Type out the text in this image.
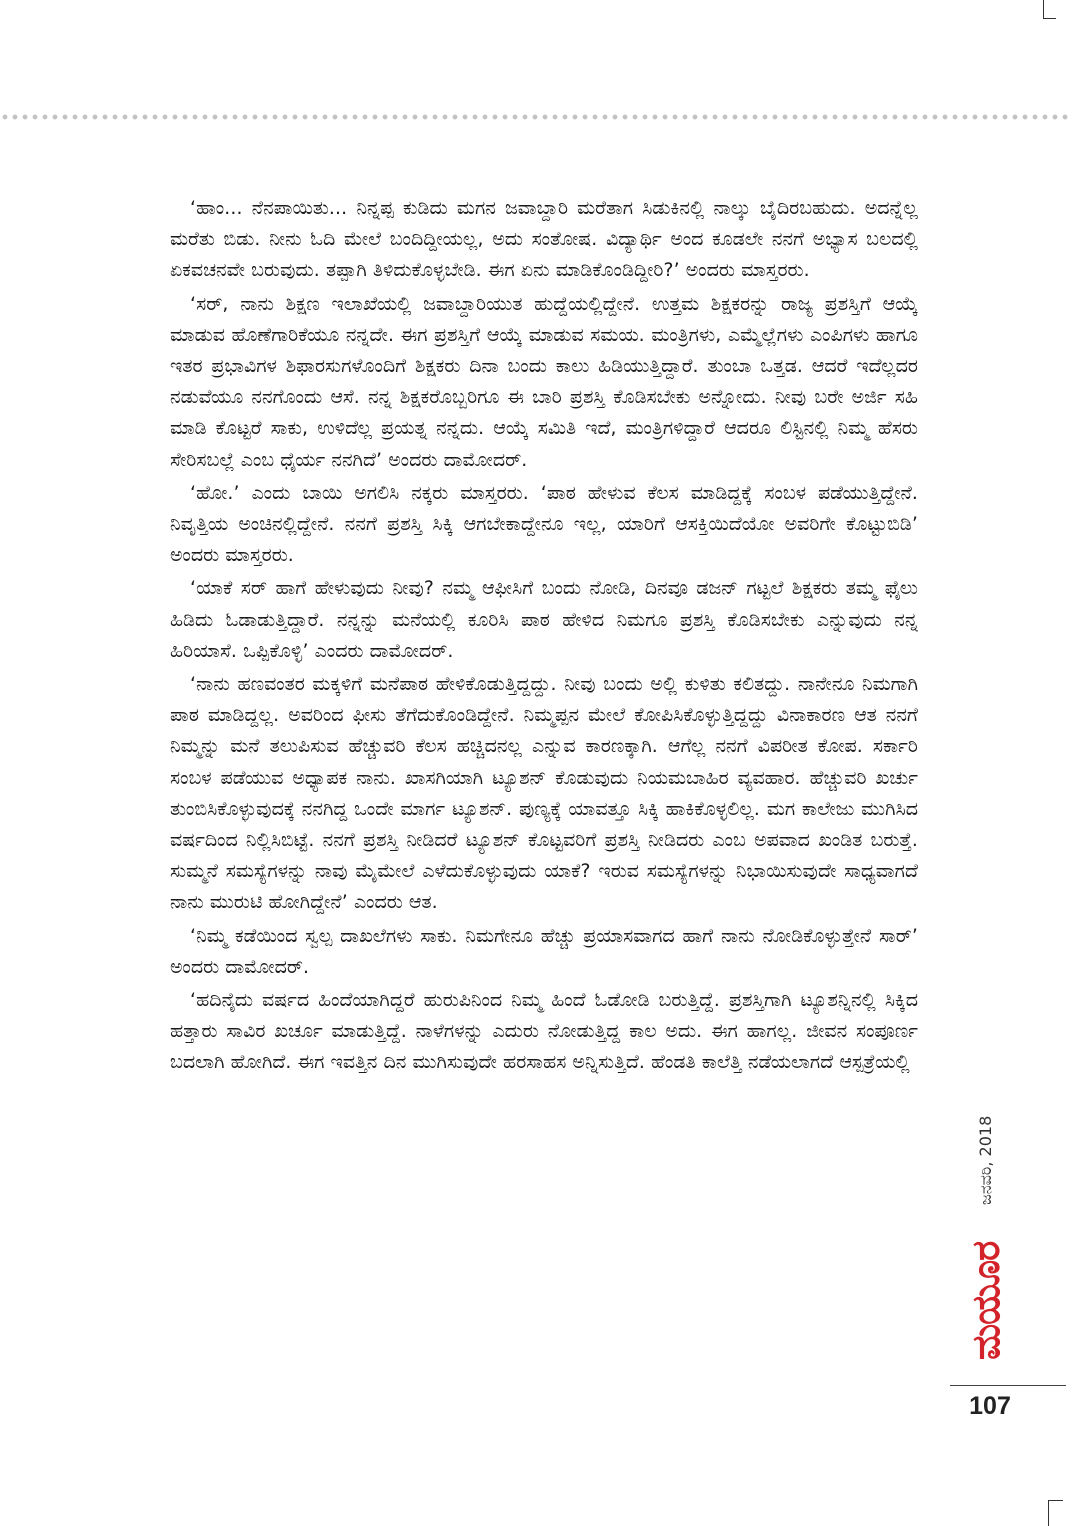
‘ಹಾಂ... ನೆನಪಾಯಿತು... ನಿನ್ನಪ್ಪ ಕುಡಿದು ಮಗನ ಜವಾಬ್ದಾರಿ ಮರೆತಾಗ ಸಿಡುಕಿನಲ್ಲಿ ನಾಲ್ಕು ಬೈದಿರಬಹುದು. ಅದನ್ನೆಲ್ಲ ಮರೆತು ಬಿಡು. ನೀನು ಓದಿ ಮೇಲೆ ಬಂದಿದ್ದೀಯಲ್ಲ, ಅದು ಸಂತೋಷ. ವಿದ್ಯಾರ್ಥಿ ಅಂದ ಕೂಡಲೇ ನನಗೆ ಅಭ್ಯಾಸ ಬಲದಲ್ಲಿ ಏಕವಚನವೇ ಬರುವುದು. ತಪ್ಪಾಗಿ ತಿಳಿದುಕೊಳ್ಳಬೇಡಿ. ಈಗ ಏನು ಮಾಡಿಕೊಂಡಿದ್ದೀರಿ?’ ಅಂದರು ಮಾಸ್ತರರು.

‘ಸರ್, ನಾನು ಶಿಕ್ಷಣ ಇಲಾಖೆಯಲ್ಲಿ ಜವಾಬ್ದಾರಿಯುತ ಹುದ್ದೆಯಲ್ಲಿದ್ದೇನೆ. ಉತ್ತಮ ಶಿಕ್ಷಕರನ್ನು ರಾಜ್ಯ ಪ್ರಶಸ್ತಿಗೆ ಆಯ್ಕೆ ಮಾಡುವ ಹೊಣೆಗಾರಿಕೆಯೂ ನನ್ನದೇ. ಈಗ ಪ್ರಶಸ್ತಿಗೆ ಆಯ್ಕೆ ಮಾಡುವ ಸಮಯ. ಮಂತ್ರಿಗಳು, ಎಮ್ಮೆಲ್ಲೆಗಳು ಎಂಪಿಗಳು ಹಾಗೂ ಇತರ ಪ್ರಭಾವಿಗಳ ಶಿಫಾರಸುಗಳೊಂದಿಗೆ ಶಿಕ್ಷಕರು ದಿನಾ ಬಂದು ಕಾಲು ಹಿಡಿಯುತ್ತಿದ್ದಾರೆ. ತುಂಬಾ ಒತ್ತಡ. ಆದರೆ ಇದೆಲ್ಲದರ ನಡುವೆಯೂ ನನಗೊಂದು ಆಸೆ. ನನ್ನ ಶಿಕ್ಷಕರೊಬ್ಬರಿಗೂ ಈ ಬಾರಿ ಪ್ರಶಸ್ತಿ ಕೊಡಿಸಬೇಕು ಅನ್ನೋದು. ನೀವು ಬರೇ ಅರ್ಜಿ ಸಹಿ ಮಾಡಿ ಕೊಟ್ಟರೆ ಸಾಕು, ಉಳಿದೆಲ್ಲ ಪ್ರಯತ್ನ ನನ್ನದು. ಆಯ್ಕೆ ಸಮಿತಿ ಇದೆ, ಮಂತ್ರಿಗಳಿದ್ದಾರೆ ಆದರೂ ಲಿಸ್ಟಿನಲ್ಲಿ ನಿಮ್ಮ ಹೆಸರು ಸೇರಿಸಬಲ್ಲೆ ಎಂಬ ಧೈರ್ಯ ನನಗಿದೆ’ ಅಂದರು ದಾಮೋದರ್.

‘ಹೋ.’ ಎಂದು ಬಾಯಿ ಅಗಲಿಸಿ ನಕ್ಕರು ಮಾಸ್ತರರು. ‘ಪಾಠ ಹೇಳುವ ಕೆಲಸ ಮಾಡಿದ್ದಕ್ಕೆ ಸಂಬಳ ಪಡೆಯುತ್ತಿದ್ದೇನೆ. ನಿವೃತ್ತಿಯ ಅಂಚಿನಲ್ಲಿದ್ದೇನೆ. ನನಗೆ ಪ್ರಶಸ್ತಿ ಸಿಕ್ಕಿ ಆಗಬೇಕಾದ್ದೇನೂ ಇಲ್ಲ, ಯಾರಿಗೆ ಆಸಕ್ತಿಯಿದೆಯೋ ಅವರಿಗೇ ಕೊಟ್ಟುಬಿಡಿ’ ಅಂದರು ಮಾಸ್ತರರು.

‘ಯಾಕೆ ಸರ್ ಹಾಗೆ ಹೇಳುವುದು ನೀವು? ನಮ್ಮ ಆಫೀಸಿಗೆ ಬಂದು ನೋಡಿ, ದಿನವೂ ಡಜನ್ ಗಟ್ಟಲೆ ಶಿಕ್ಷಕರು ತಮ್ಮ ಫೈಲು ಹಿಡಿದು ಓಡಾಡುತ್ತಿದ್ದಾರೆ. ನನ್ನನ್ನು ಮನೆಯಲ್ಲಿ ಕೂರಿಸಿ ಪಾಠ ಹೇಳಿದ ನಿಮಗೂ ಪ್ರಶಸ್ತಿ ಕೊಡಿಸಬೇಕು ಎನ್ನುವುದು ನನ್ನ ಹಿರಿಯಾಸೆ. ಒಪ್ಪಿಕೊಳ್ಳಿ’ ಎಂದರು ದಾಮೋದರ್.

‘ನಾನು ಹಣವಂತರ ಮಕ್ಕಳಿಗೆ ಮನೆಪಾಠ ಹೇಳಿಕೊಡುತ್ತಿದ್ದದ್ದು. ನೀವು ಬಂದು ಅಲ್ಲಿ ಕುಳಿತು ಕಲಿತದ್ದು. ನಾನೇನೂ ನಿಮಗಾಗಿ ಪಾಠ ಮಾಡಿದ್ದಲ್ಲ. ಅವರಿಂದ ಫೀಸು ತೆಗೆದುಕೊಂಡಿದ್ದೇನೆ. ನಿಮ್ಮಪ್ಪನ ಮೇಲೆ ಕೋಪಿಸಿಕೊಳ್ಳುತ್ತಿದ್ದದ್ದು ವಿನಾಕಾರಣ ಆತ ನನಗೆ ನಿಮ್ಮನ್ನು ಮನೆ ತಲುಪಿಸುವ ಹೆಚ್ಚುವರಿ ಕೆಲಸ ಹಚ್ಚಿದನಲ್ಲ ಎನ್ನುವ ಕಾರಣಕ್ಕಾಗಿ. ಆಗೆಲ್ಲ ನನಗೆ ವಿಪರೀತ ಕೋಪ. ಸರ್ಕಾರಿ ಸಂಬಳ ಪಡೆಯುವ ಅಧ್ಯಾಪಕ ನಾನು. ಖಾಸಗಿಯಾಗಿ ಟ್ಯೂಶನ್ ಕೊಡುವುದು ನಿಯಮಬಾಹಿರ ವ್ಯವಹಾರ. ಹೆಚ್ಚುವರಿ ಖರ್ಚು ತುಂಬಿಸಿಕೊಳ್ಳುವುದಕ್ಕೆ ನನಗಿದ್ದ ಒಂದೇ ಮಾರ್ಗ ಟ್ಯೂಶನ್. ಪುಣ್ಯಕ್ಕೆ ಯಾವತ್ತೂ ಸಿಕ್ಕಿ ಹಾಕಿಕೊಳ್ಳಲಿಲ್ಲ. ಮಗ ಕಾಲೇಜು ಮುಗಿಸಿದ ವರ್ಷದಿಂದ ನಿಲ್ಲಿಸಿಬಿಟ್ಟೆ. ನನಗೆ ಪ್ರಶಸ್ತಿ ನೀಡಿದರೆ ಟ್ಯೂಶನ್ ಕೊಟ್ಟವರಿಗೆ ಪ್ರಶಸ್ತಿ ನೀಡಿದರು ಎಂಬ ಅಪವಾದ ಖಂಡಿತ ಬರುತ್ತೆ. ಸುಮ್ಮನೆ ಸಮಸ್ಯೆಗಳನ್ನು ನಾವು ಮೈಮೇಲೆ ಎಳೆದುಕೊಳ್ಳುವುದು ಯಾಕೆ? ಇರುವ ಸಮಸ್ಯೆಗಳನ್ನು ನಿಭಾಯಿಸುವುದೇ ಸಾಧ್ಯವಾಗದೆ ನಾನು ಮುರುಟಿ ಹೋಗಿದ್ದೇನೆ’ ಎಂದರು ಆತ.

‘ನಿಮ್ಮ ಕಡೆಯಿಂದ ಸ್ವಲ್ಪ ದಾಖಲೆಗಳು ಸಾಕು. ನಿಮಗೇನೂ ಹೆಚ್ಚು ಪ್ರಯಾಸವಾಗದ ಹಾಗೆ ನಾನು ನೋಡಿಕೊಳ್ಳುತ್ತೇನೆ ಸಾರ್’ ಅಂದರು ದಾಮೋದರ್.

‘ಹದಿನೈದು ವರ್ಷದ ಹಿಂದೆಯಾಗಿದ್ದರೆ ಹುರುಪಿನಿಂದ ನಿಮ್ಮ ಹಿಂದೆ ಓಡೋಡಿ ಬರುತ್ತಿದ್ದೆ. ಪ್ರಶಸ್ತಿಗಾಗಿ ಟ್ಯೂಶನ್ನಿನಲ್ಲಿ ಸಿಕ್ಕಿದ ಹತ್ತಾರು ಸಾವಿರ ಖರ್ಚೂ ಮಾಡುತ್ತಿದ್ದೆ. ನಾಳೆಗಳನ್ನು ಎದುರು ನೋಡುತ್ತಿದ್ದ ಕಾಲ ಅದು. ಈಗ ಹಾಗಲ್ಲ. ಜೀವನ ಸಂಪೂರ್ಣ ಬದಲಾಗಿ ಹೋಗಿದೆ. ಈಗ ಇವತ್ತಿನ ದಿನ ಮುಗಿಸುವುದೇ ಹರಸಾಹಸ ಅನ್ನಿಸುತ್ತಿದೆ. ಹೆಂಡತಿ ಕಾಲೆತ್ತಿ ನಡೆಯಲಾಗದೆ ಆಸ್ಪತ್ರೆಯಲ್ಲಿ

ಜನವರಿ, 2018
ಮಯೂರ
107
